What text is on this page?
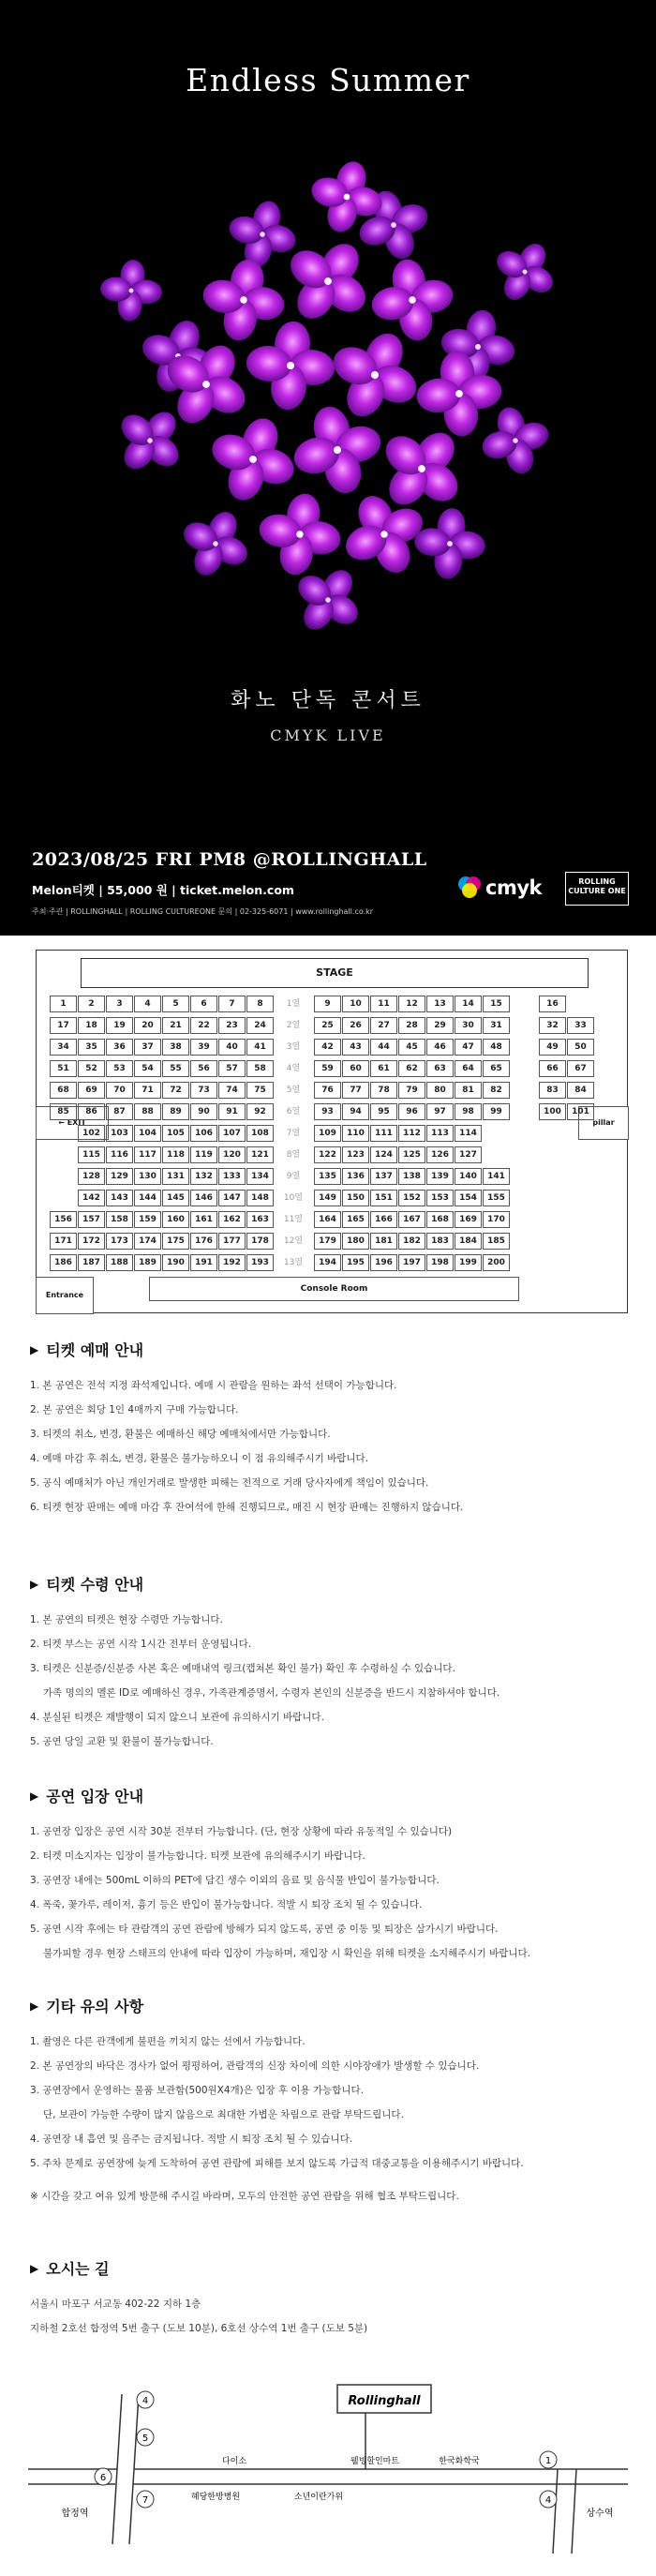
Endless Summer
화노 단독 콘서트
CMYK LIVE
2023/08/25 FRI PM8 @ROLLINGHALL
Melon티켓 | 55,000 원 | ticket.melon.com
주최·주관 | ROLLINGHALL | ROLLING CULTUREONE 문의 | 02-325-6071 | www.rollinghall.co.kr
cmyk	ROLLING CULTURE ONE
STAGE
← EXIT	pillar
Entrance
Console Room
1	2	3	4	5	6	7	8	1열	9	10	11	12	13	14	15	16
17	18	19	20	21	22	23	24	2열	25	26	27	28	29	30	31	32	33
34	35	36	37	38	39	40	41	3열	42	43	44	45	46	47	48	49	50
51	52	53	54	55	56	57	58	4열	59	60	61	62	63	64	65	66	67
68	69	70	71	72	73	74	75	5열	76	77	78	79	80	81	82	83	84
85	86	87	88	89	90	91	92	6열	93	94	95	96	97	98	99	100	101
102	103	104	105	106	107	108	7열	109	110	111	112	113	114
115	116	117	118	119	120	121	8열	122	123	124	125	126	127
128	129	130	131	132	133	134	9열	135	136	137	138	139	140	141
142	143	144	145	146	147	148	10열	149	150	151	152	153	154	155
156	157	158	159	160	161	162	163	11열	164	165	166	167	168	169	170
171	172	173	174	175	176	177	178	12열	179	180	181	182	183	184	185
186	187	188	189	190	191	192	193	13열	194	195	196	197	198	199	200
▶ 티켓 예매 안내
1. 본 공연은 전석 지정 좌석제입니다. 예매 시 관람을 원하는 좌석 선택이 가능합니다.
2. 본 공연은 회당 1인 4매까지 구매 가능합니다.
3. 티켓의 취소, 변경, 환불은 예매하신 해당 예매처에서만 가능합니다.
4. 예매 마감 후 취소, 변경, 환불은 불가능하오니 이 점 유의해주시기 바랍니다.
5. 공식 예매처가 아닌 개인거래로 발생한 피해는 전적으로 거래 당사자에게 책임이 있습니다.
6. 티켓 현장 판매는 예매 마감 후 잔여석에 한해 진행되므로, 매진 시 현장 판매는 진행하지 않습니다.
▶ 티켓 수령 안내
1. 본 공연의 티켓은 현장 수령만 가능합니다.
2. 티켓 부스는 공연 시작 1시간 전부터 운영됩니다.
3. 티켓은 신분증/신분증 사본 혹은 예매내역 링크(캡쳐본 확인 불가) 확인 후 수령하실 수 있습니다.
가족 명의의 멜론 ID로 예매하신 경우, 가족관계증명서, 수령자 본인의 신분증을 반드시 지참하셔야 합니다.
4. 분실된 티켓은 재발행이 되지 않으니 보관에 유의하시기 바랍니다.
5. 공연 당일 교환 및 환불이 불가능합니다.
▶ 공연 입장 안내
1. 공연장 입장은 공연 시작 30분 전부터 가능합니다. (단, 현장 상황에 따라 유동적일 수 있습니다)
2. 티켓 미소지자는 입장이 불가능합니다. 티켓 보관에 유의해주시기 바랍니다.
3. 공연장 내에는 500mL 이하의 PET에 담긴 생수 이외의 음료 및 음식물 반입이 불가능합니다.
4. 폭죽, 꽃가루, 레이저, 흉기 등은 반입이 불가능합니다. 적발 시 퇴장 조치 될 수 있습니다.
5. 공연 시작 후에는 타 관람객의 공연 관람에 방해가 되지 않도록, 공연 중 이동 및 퇴장은 삼가시기 바랍니다.
불가피할 경우 현장 스태프의 안내에 따라 입장이 가능하며, 재입장 시 확인을 위해 티켓을 소지해주시기 바랍니다.
▶ 기타 유의 사항
1. 촬영은 다른 관객에게 불편을 끼치지 않는 선에서 가능합니다.
2. 본 공연장의 바닥은 경사가 없어 평평하여, 관람객의 신장 차이에 의한 시야장애가 발생할 수 있습니다.
3. 공연장에서 운영하는 물품 보관함(500원X4개)은 입장 후 이용 가능합니다.
단, 보관이 가능한 수량이 많지 않음으로 최대한 가볍운 차림으로 관람 부탁드립니다.
4. 공연장 내 흡연 및 음주는 금지됩니다. 적발 시 퇴장 조치 될 수 있습니다.
5. 주차 문제로 공연장에 늦게 도착하여 공연 관람에 피해를 보지 않도록 가급적 대중교통을 이용해주시기 바랍니다.
※ 시간을 갖고 여유 있게 방문해 주시길 바라며, 모두의 안전한 공연 관람을 위해 협조 부탁드립니다.
▶ 오시는 길
서울시 마포구 서교동 402-22 지하 1층
지하철 2호선 합정역 5번 출구 (도보 10분), 6호선 상수역 1번 출구 (도보 5분)
Rollinghall
합정역	상수역
다이소	웰빙할인마트	한국화학국
혜당한방병원	소년이란가위
4
5
6
7
1
4
